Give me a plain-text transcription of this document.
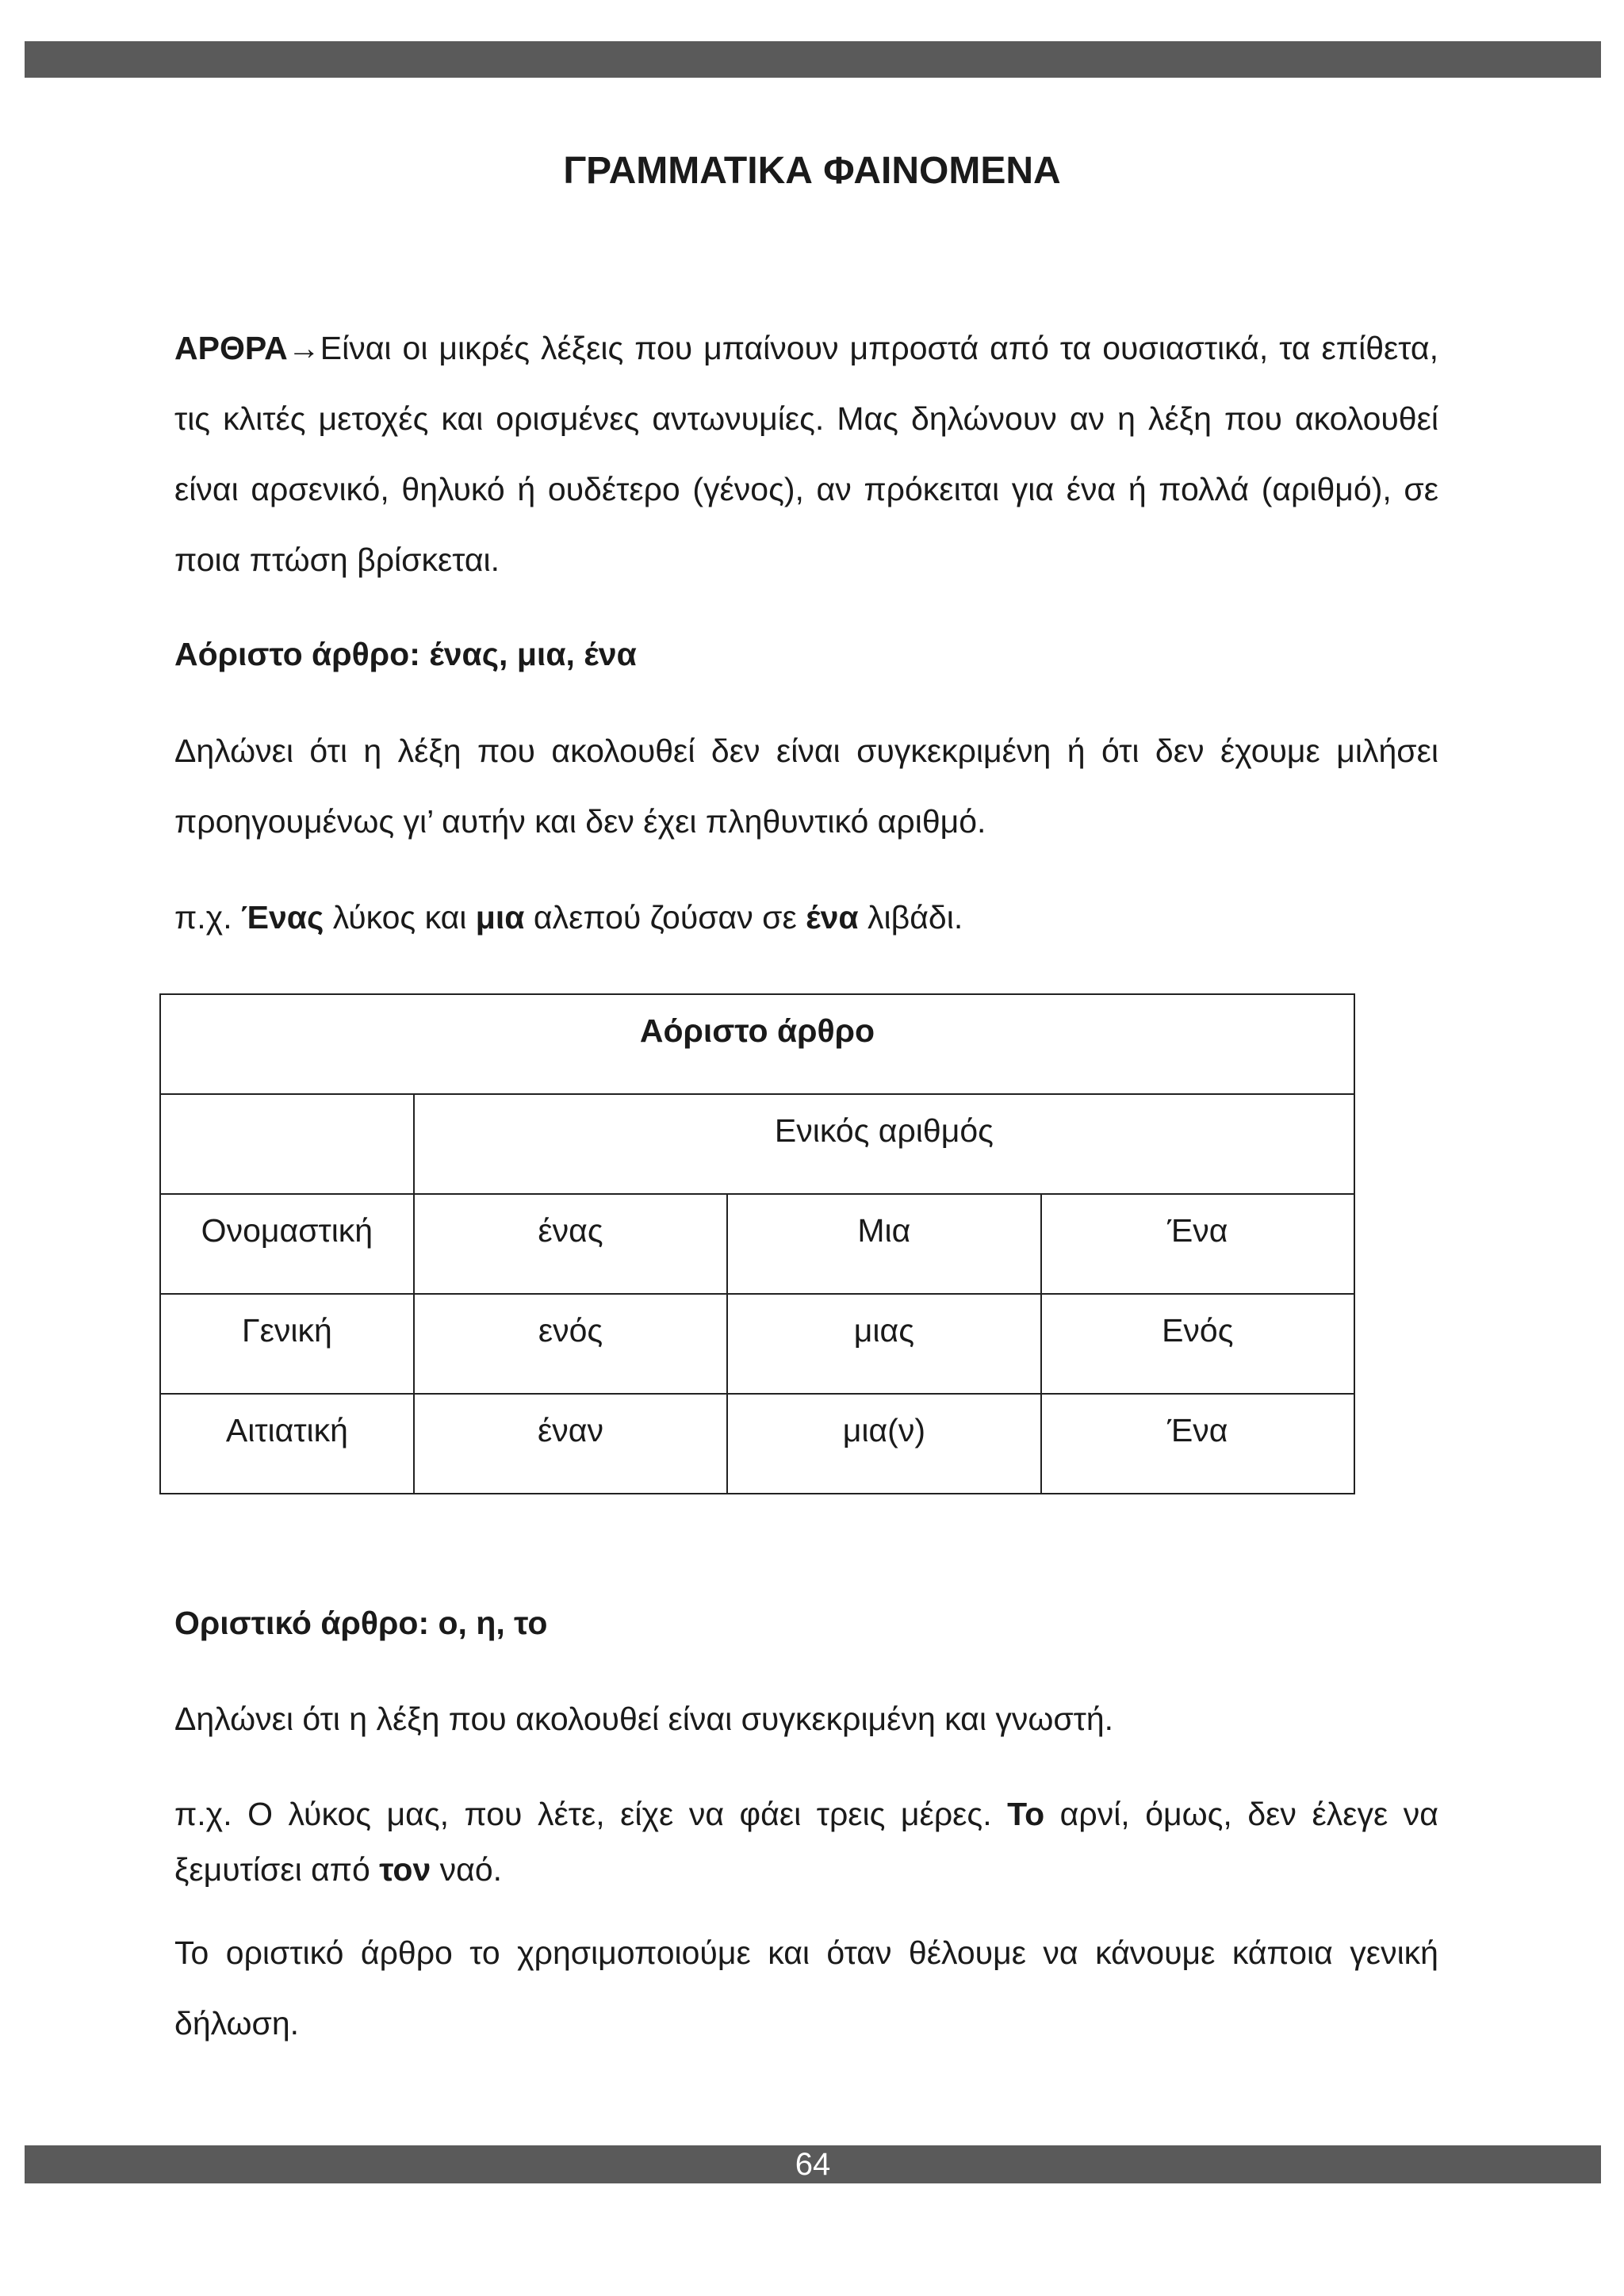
ΓΡΑΜΜΑΤΙΚΑ ΦΑΙΝΟΜΕΝΑ

ΑΡΘΡΑ→Είναι οι μικρές λέξεις που μπαίνουν μπροστά από τα ουσιαστικά, τα επίθετα, τις κλιτές μετοχές και ορισμένες αντωνυμίες. Μας δηλώνουν αν η λέξη που ακολουθεί είναι αρσενικό, θηλυκό ή ουδέτερο (γένος), αν πρόκειται για ένα ή πολλά (αριθμό), σε ποια πτώση βρίσκεται.

Αόριστο άρθρο: ένας, μια, ένα

Δηλώνει ότι η λέξη που ακολουθεί δεν είναι συγκεκριμένη ή ότι δεν έχουμε μιλήσει προηγουμένως γι’ αυτήν και δεν έχει πληθυντικό αριθμό.

π.χ. Ένας λύκος και μια αλεπού ζούσαν σε ένα λιβάδι.

Αόριστο άρθρο			
	Ενικός αριθμός		
Ονομαστική	ένας	Μια	Ένα
Γενική	ενός	μιας	Ενός
Αιτιατική	έναν	μια(ν)	Ένα

Οριστικό άρθρο: ο, η, το

Δηλώνει ότι η λέξη που ακολουθεί είναι συγκεκριμένη και γνωστή.

π.χ. Ο λύκος μας, που λέτε, είχε να φάει τρεις μέρες. Το αρνί, όμως, δεν έλεγε να ξεμυτίσει από τον ναό.

Το οριστικό άρθρο το χρησιμοποιούμε και όταν θέλουμε να κάνουμε κάποια γενική δήλωση.

64
